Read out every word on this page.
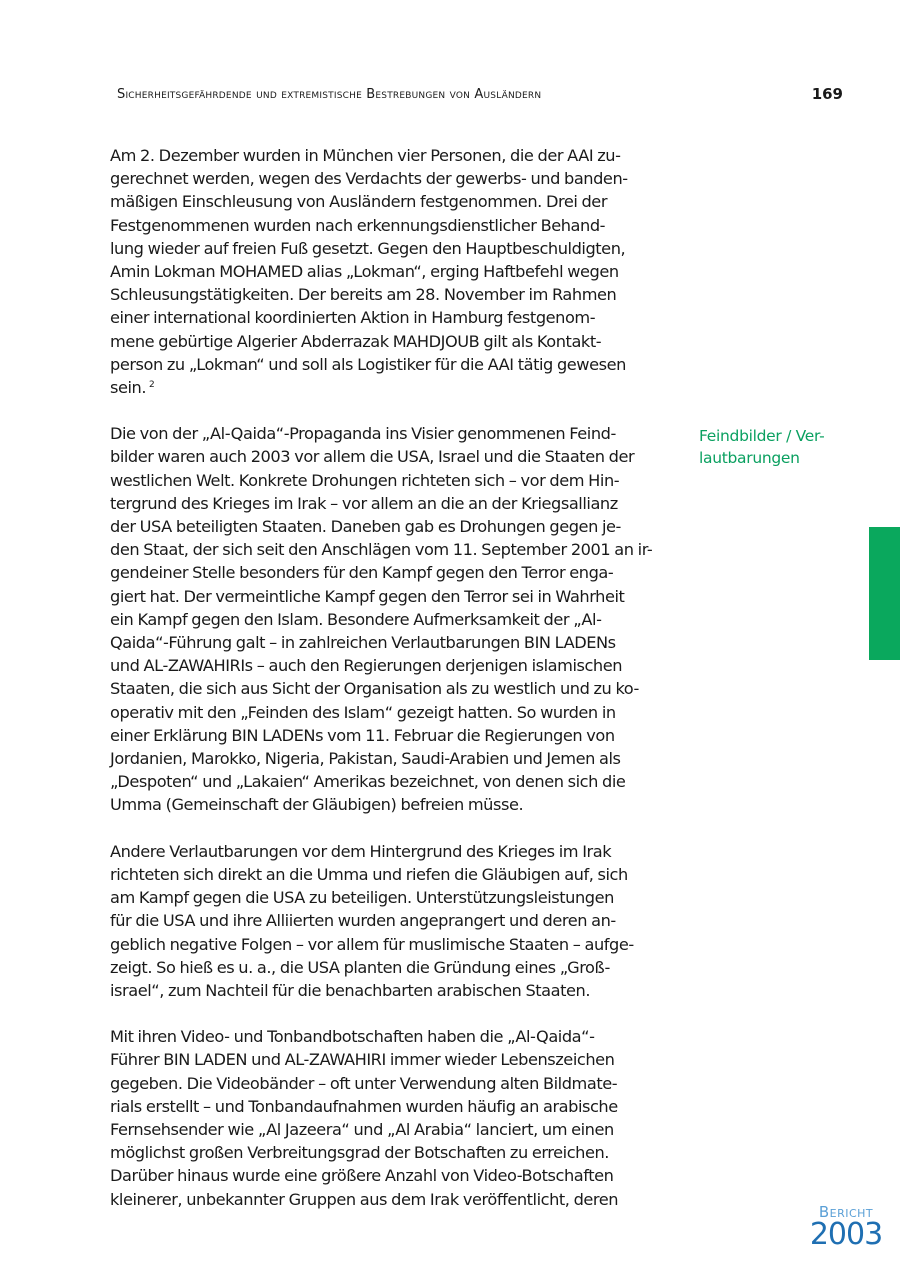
Sicherheitsgefährdende und extremistische Bestrebungen von Ausländern	169

Am 2. Dezember wurden in München vier Personen, die der AAI zu-
gerechnet werden, wegen des Verdachts der gewerbs- und banden-
mäßigen Einschleusung von Ausländern festgenommen. Drei der
Festgenommenen wurden nach erkennungsdienstlicher Behand-
lung wieder auf freien Fuß gesetzt. Gegen den Hauptbeschuldigten,
Amin Lokman MOHAMED alias „Lokman“, erging Haftbefehl wegen
Schleusungstätigkeiten. Der bereits am 28. November im Rahmen
einer international koordinierten Aktion in Hamburg festgenom-
mene gebürtige Algerier Abderrazak MAHDJOUB gilt als Kontakt-
person zu „Lokman“ und soll als Logistiker für die AAI tätig gewesen
sein. $^2$

Die von der „Al-Qaida“-Propaganda ins Visier genommenen Feind-
bilder waren auch 2003 vor allem die USA, Israel und die Staaten der
westlichen Welt. Konkrete Drohungen richteten sich – vor dem Hin-
tergrund des Krieges im Irak – vor allem an die an der Kriegsallianz
der USA beteiligten Staaten. Daneben gab es Drohungen gegen je-
den Staat, der sich seit den Anschlägen vom 11. September 2001 an ir-
gendeiner Stelle besonders für den Kampf gegen den Terror enga-
giert hat. Der vermeintliche Kampf gegen den Terror sei in Wahrheit
ein Kampf gegen den Islam. Besondere Aufmerksamkeit der „Al-
Qaida“-Führung galt – in zahlreichen Verlautbarungen BIN LADENs
und AL-ZAWAHIRIs – auch den Regierungen derjenigen islamischen
Staaten, die sich aus Sicht der Organisation als zu westlich und zu ko-
operativ mit den „Feinden des Islam“ gezeigt hatten. So wurden in
einer Erklärung BIN LADENs vom 11. Februar die Regierungen von
Jordanien, Marokko, Nigeria, Pakistan, Saudi-Arabien und Jemen als
„Despoten“ und „Lakaien“ Amerikas bezeichnet, von denen sich die
Umma (Gemeinschaft der Gläubigen) befreien müsse.

Andere Verlautbarungen vor dem Hintergrund des Krieges im Irak
richteten sich direkt an die Umma und riefen die Gläubigen auf, sich
am Kampf gegen die USA zu beteiligen. Unterstützungsleistungen
für die USA und ihre Alliierten wurden angeprangert und deren an-
geblich negative Folgen – vor allem für muslimische Staaten – aufge-
zeigt. So hieß es u. a., die USA planten die Gründung eines „Groß-
israel“, zum Nachteil für die benachbarten arabischen Staaten.

Mit ihren Video- und Tonbandbotschaften haben die „Al-Qaida“-
Führer BIN LADEN und AL-ZAWAHIRI immer wieder Lebenszeichen
gegeben. Die Videobänder – oft unter Verwendung alten Bildmate-
rials erstellt – und Tonbandaufnahmen wurden häufig an arabische
Fernsehsender wie „Al Jazeera“ und „Al Arabia“ lanciert, um einen
möglichst großen Verbreitungsgrad der Botschaften zu erreichen.
Darüber hinaus wurde eine größere Anzahl von Video-Botschaften
kleinerer, unbekannter Gruppen aus dem Irak veröffentlicht, deren

Feindbilder / Ver-
lautbarungen
Bericht
2003
